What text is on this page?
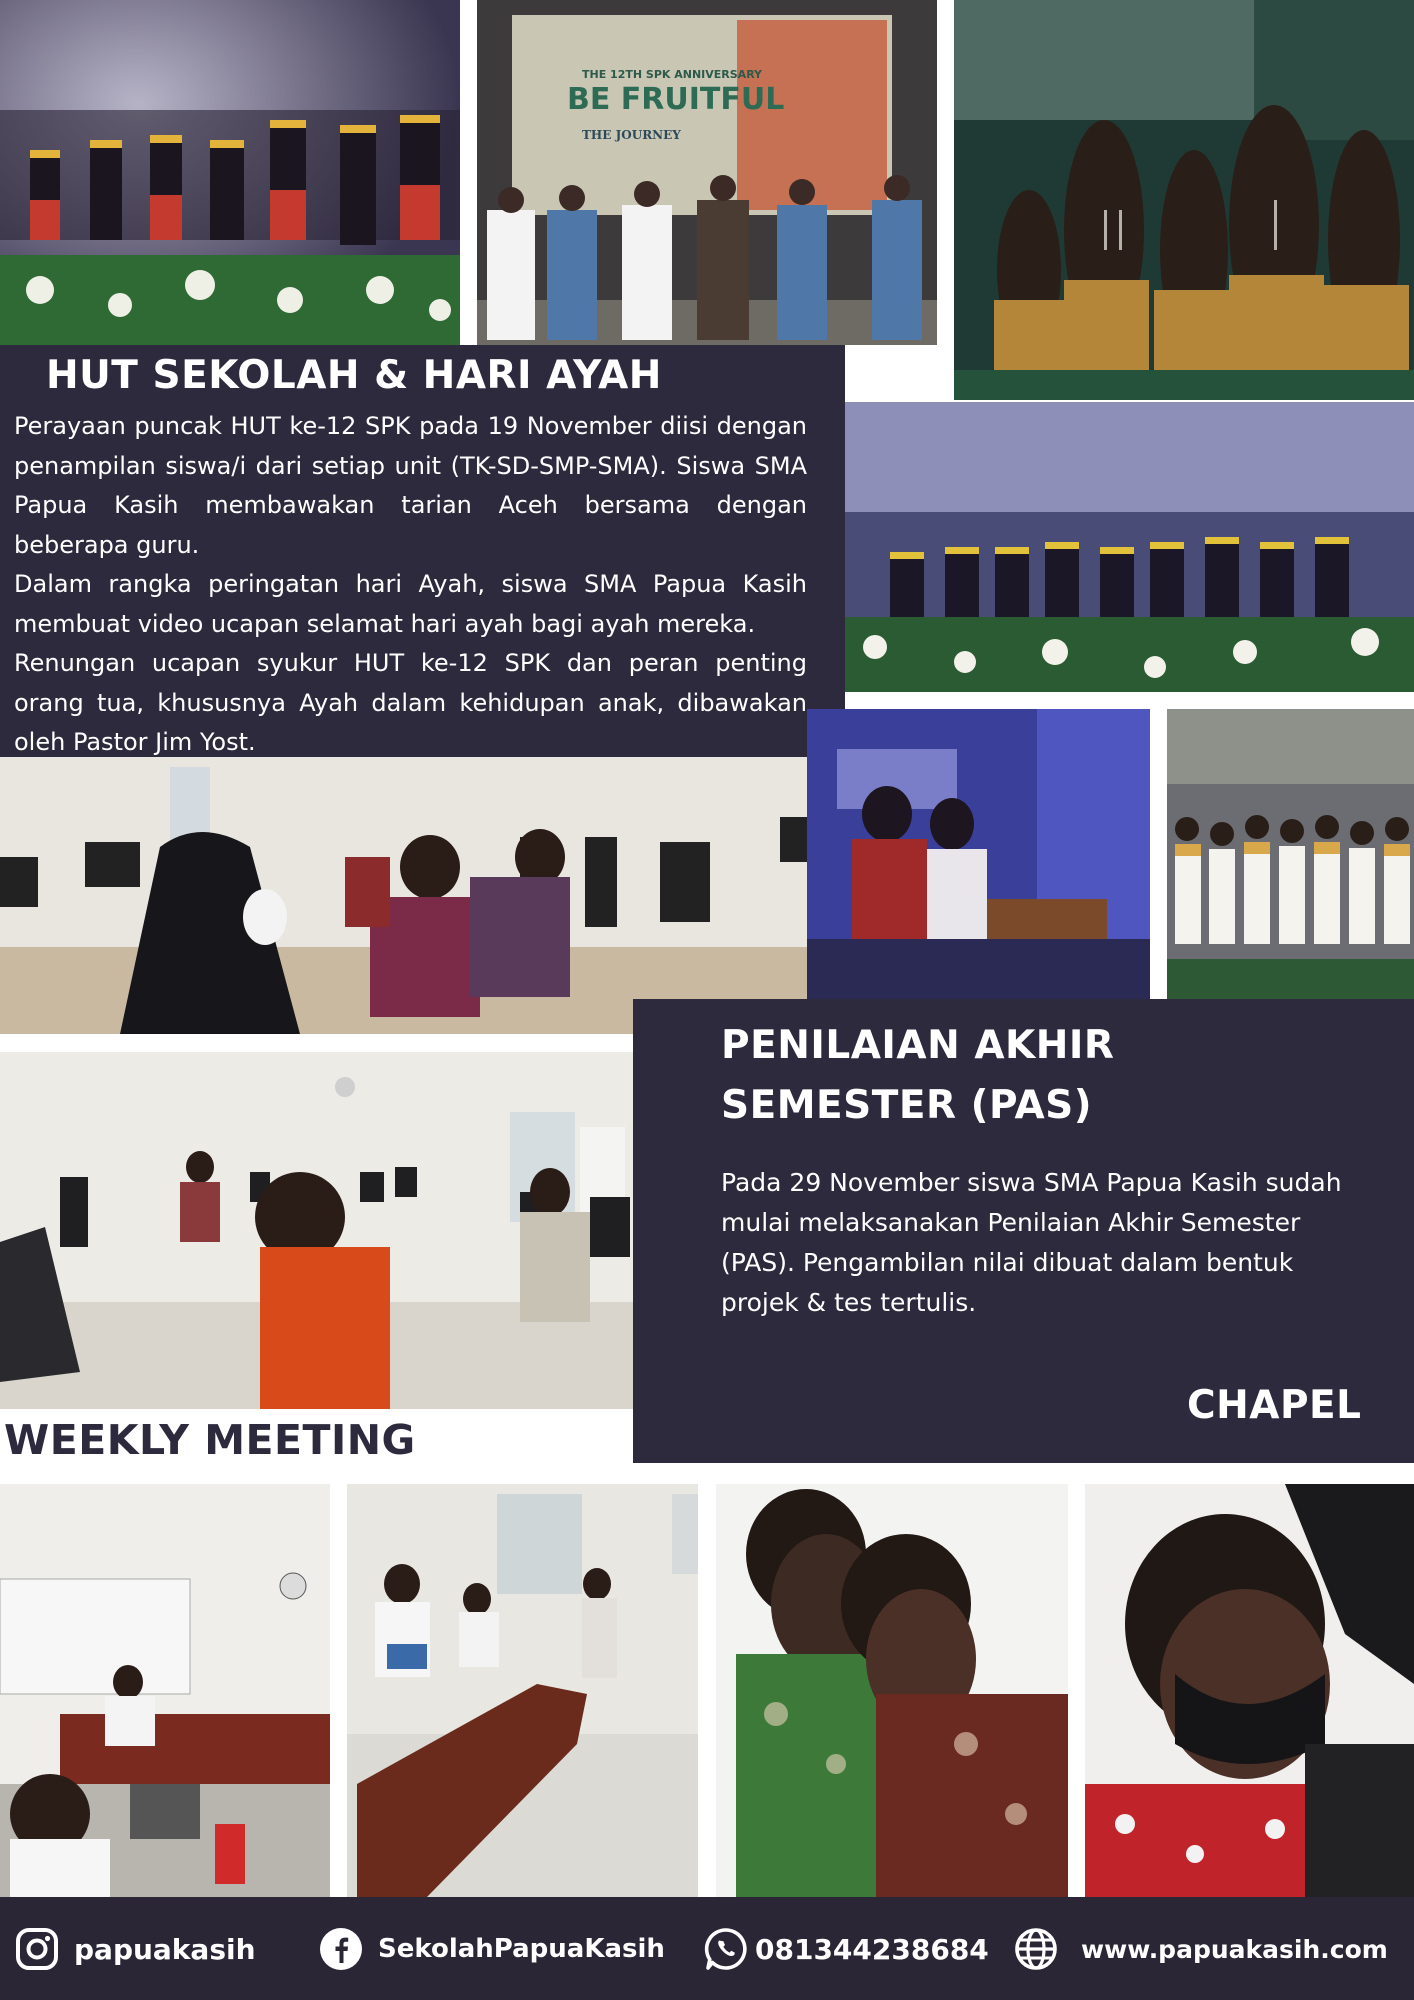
THE 12TH SPK ANNIVERSARY
BE FRUITFUL
THE JOURNEY
HUT SEKOLAH & HARI AYAH
Perayaan puncak HUT ke-12 SPK pada 19 November diisi dengan penampilan siswa/i dari setiap unit (TK-SD-SMP-SMA). Siswa SMA Papua Kasih membawakan tarian Aceh bersama dengan beberapa guru.
Dalam rangka peringatan hari Ayah, siswa SMA Papua Kasih membuat video ucapan selamat hari ayah bagi ayah mereka.
Renungan ucapan syukur HUT ke-12 SPK dan peran penting orang tua, khususnya Ayah dalam kehidupan anak, dibawakan oleh Pastor Jim Yost.
PENILAIAN AKHIR
SEMESTER (PAS)
Pada 29 November siswa SMA Papua Kasih sudah mulai melaksanakan Penilaian Akhir Semester (PAS). Pengambilan nilai dibuat dalam bentuk projek & tes tertulis.
CHAPEL
WEEKLY MEETING
papuakasih	SekolahPapuaKasih	081344238684	www.papuakasih.com
